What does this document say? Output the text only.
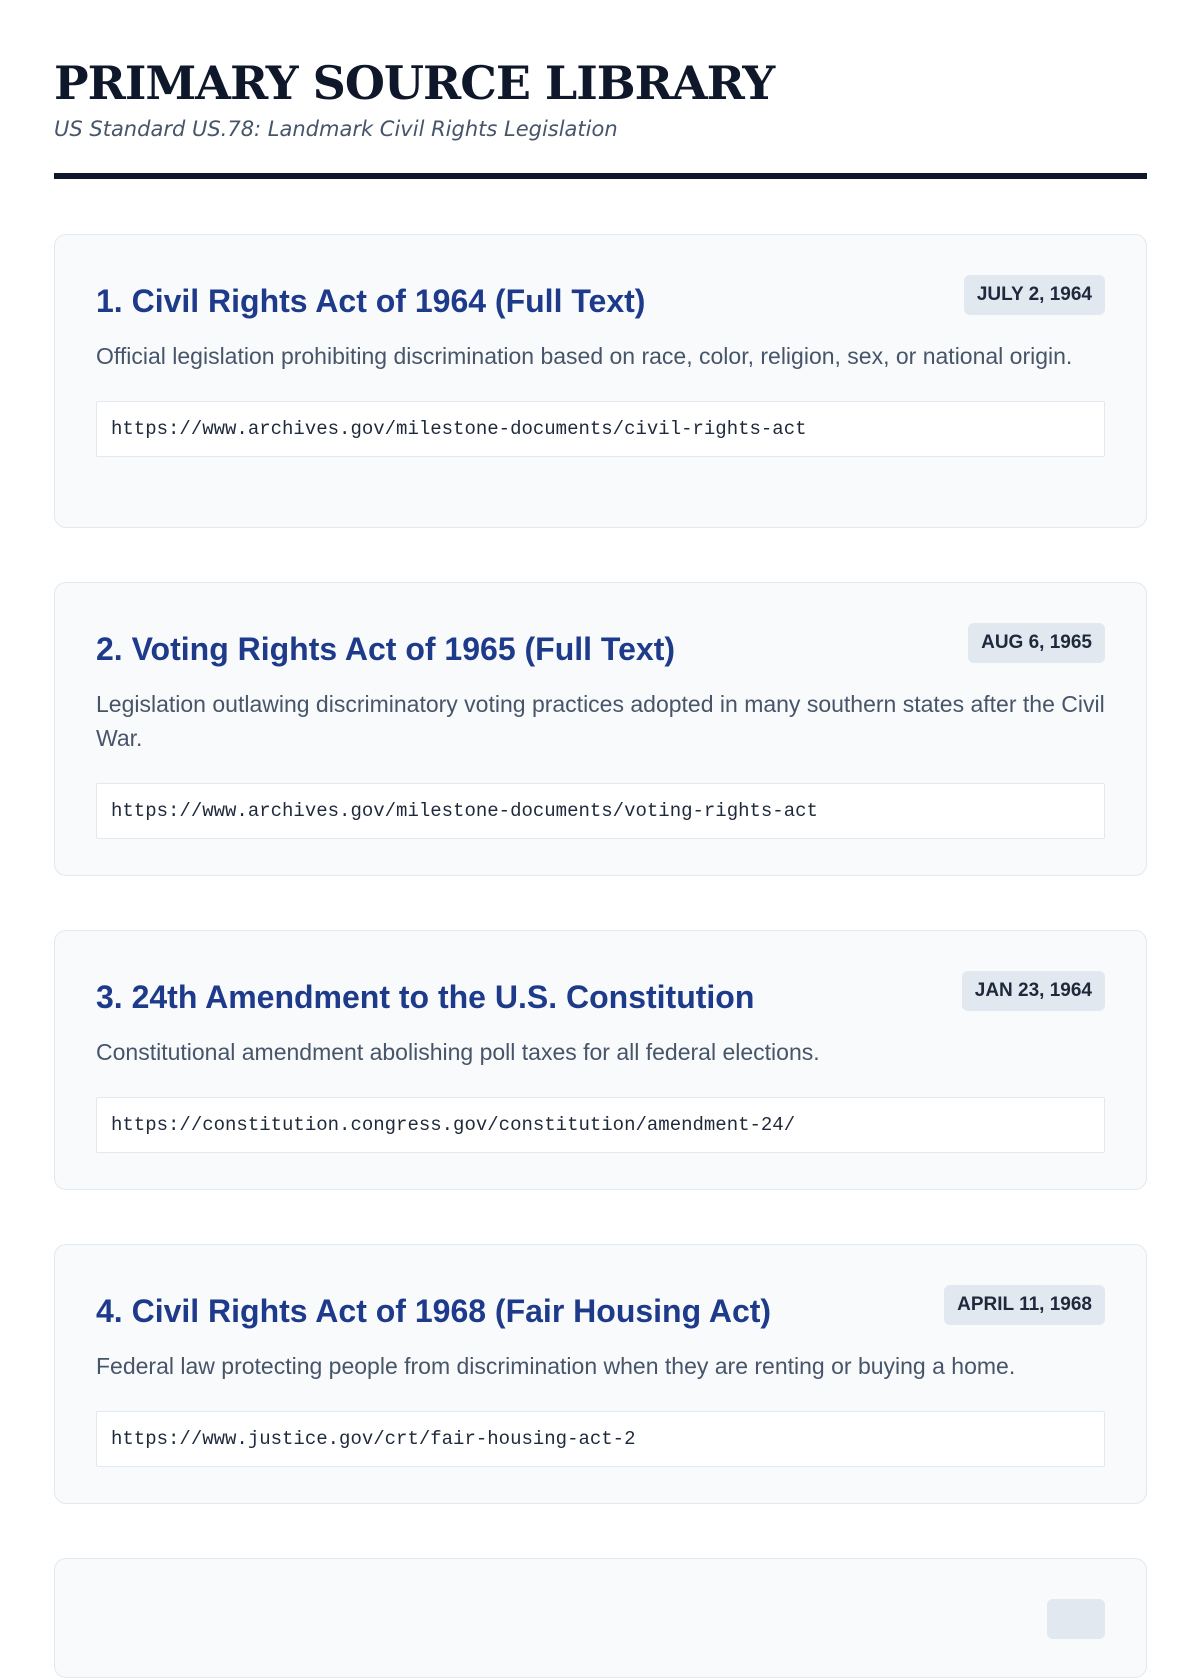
PRIMARY SOURCE LIBRARY
US Standard US.78: Landmark Civil Rights Legislation
1. Civil Rights Act of 1964 (Full Text)	JULY 2, 1964
Official legislation prohibiting discrimination based on race, color, religion, sex, or national origin.
https://www.archives.gov/milestone-documents/civil-rights-act
2. Voting Rights Act of 1965 (Full Text)	AUG 6, 1965
Legislation outlawing discriminatory voting practices adopted in many southern states after the Civil War.
https://www.archives.gov/milestone-documents/voting-rights-act
3. 24th Amendment to the U.S. Constitution	JAN 23, 1964
Constitutional amendment abolishing poll taxes for all federal elections.
https://constitution.congress.gov/constitution/amendment-24/
4. Civil Rights Act of 1968 (Fair Housing Act)	APRIL 11, 1968
Federal law protecting people from discrimination when they are renting or buying a home.
https://www.justice.gov/crt/fair-housing-act-2
